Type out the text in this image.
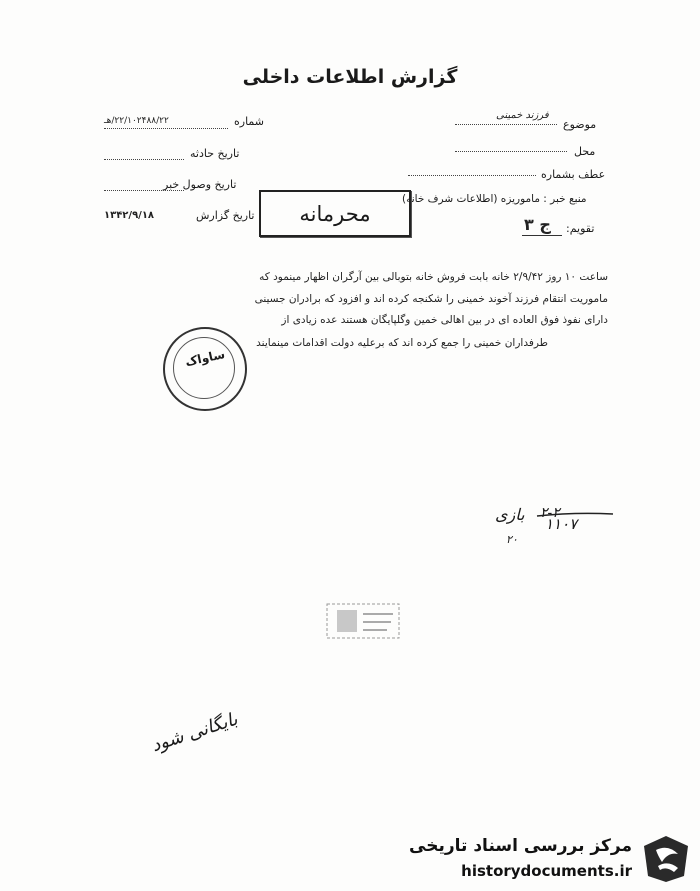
گزارش اطلاعات داخلی
شماره
۲۲/۱۰۲۴۸۸/۲۲/هـ
تاریخ حادثه
تاریخ وصول خبر
تاریخ گزارش
۱۳۴۲/۹/۱۸
موضوع
فرزند خمینی
محل
عطف بشماره
منبع خبر : ماموریزه (اطلاعات شرف خانه)
تقویم:
ج ۳
محرمانه
ساعت ۱۰ روز ۲/۹/۴۲ خانه بابت فروش خانه بتوبالی بین آرگران اظهار مینمود که
ماموریت انتقام فرزند آخوند خمینی را شکنجه کرده اند و افزود که برادران جسینی
دارای نفوذ فوق العاده ای در بین اهالی خمین وگلپایگان هستند عده زیادی از
طرفداران خمینی را جمع کرده اند که برعلیه دولت اقدامات مینمایند
ساواک
۲-۲
۱۱۰۷
بازی
۲۰
بایگانی شود
مرکز بررسی اسناد تاریخی
historydocuments.ir
